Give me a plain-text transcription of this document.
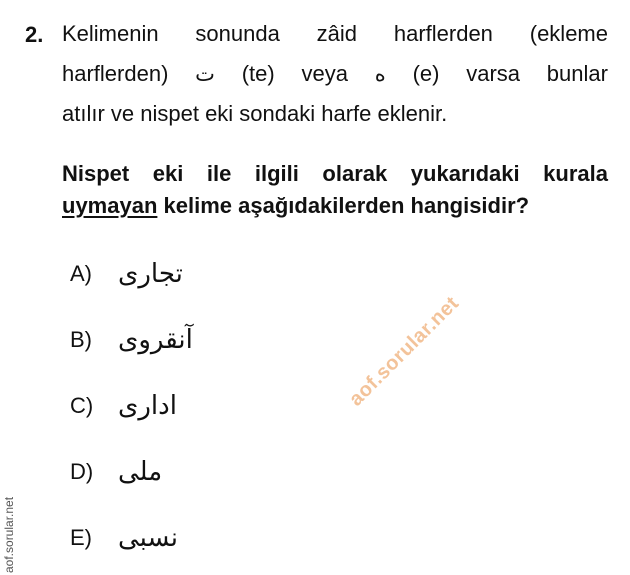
2. Kelimenin sonunda zâid harflerden (ekleme
harflerden) ت (te) veya ه (e) varsa bunlar
atılır ve nispet eki sondaki harfe eklenir.
Nispet eki ile ilgili olarak yukarıdaki kurala
uymayan kelime aşağıdakilerden hangisidir?
A)	تجارى
B)	آنقروى
C) ادارى
D) ملى
E)	نسبى
aof.sorular.net
aof.sorular.net
